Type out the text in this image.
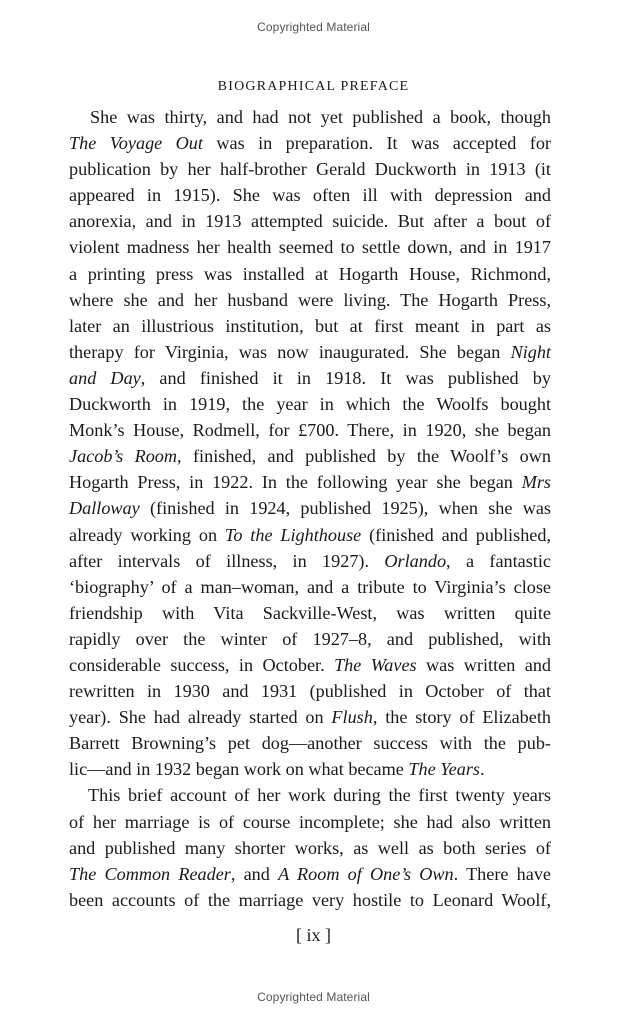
Copyrighted Material
BIOGRAPHICAL PREFACE
She was thirty, and had not yet published a book, though
The Voyage Out was in preparation. It was accepted for
publication by her half-brother Gerald Duckworth in 1913 (it
appeared in 1915). She was often ill with depression and
anorexia, and in 1913 attempted suicide. But after a bout of
violent madness her health seemed to settle down, and in 1917
a printing press was installed at Hogarth House, Richmond,
where she and her husband were living. The Hogarth Press,
later an illustrious institution, but at first meant in part as
therapy for Virginia, was now inaugurated. She began Night
and Day, and finished it in 1918. It was published by
Duckworth in 1919, the year in which the Woolfs bought
Monk’s House, Rodmell, for £700. There, in 1920, she began
Jacob’s Room, finished, and published by the Woolf’s own
Hogarth Press, in 1922. In the following year she began Mrs
Dalloway (finished in 1924, published 1925), when she was
already working on To the Lighthouse (finished and published,
after intervals of illness, in 1927). Orlando, a fantastic
‘biography’ of a man–woman, and a tribute to Virginia’s close
friendship with Vita Sackville-West, was written quite
rapidly over the winter of 1927–8, and published, with
considerable success, in October. The Waves was written and
rewritten in 1930 and 1931 (published in October of that
year). She had already started on Flush, the story of Elizabeth
Barrett Browning’s pet dog—another success with the pub-
lic—and in 1932 began work on what became The Years.
This brief account of her work during the first twenty years
of her marriage is of course incomplete; she had also written
and published many shorter works, as well as both series of
The Common Reader, and A Room of One’s Own. There have
been accounts of the marriage very hostile to Leonard Woolf,
[ ix ]
Copyrighted Material
